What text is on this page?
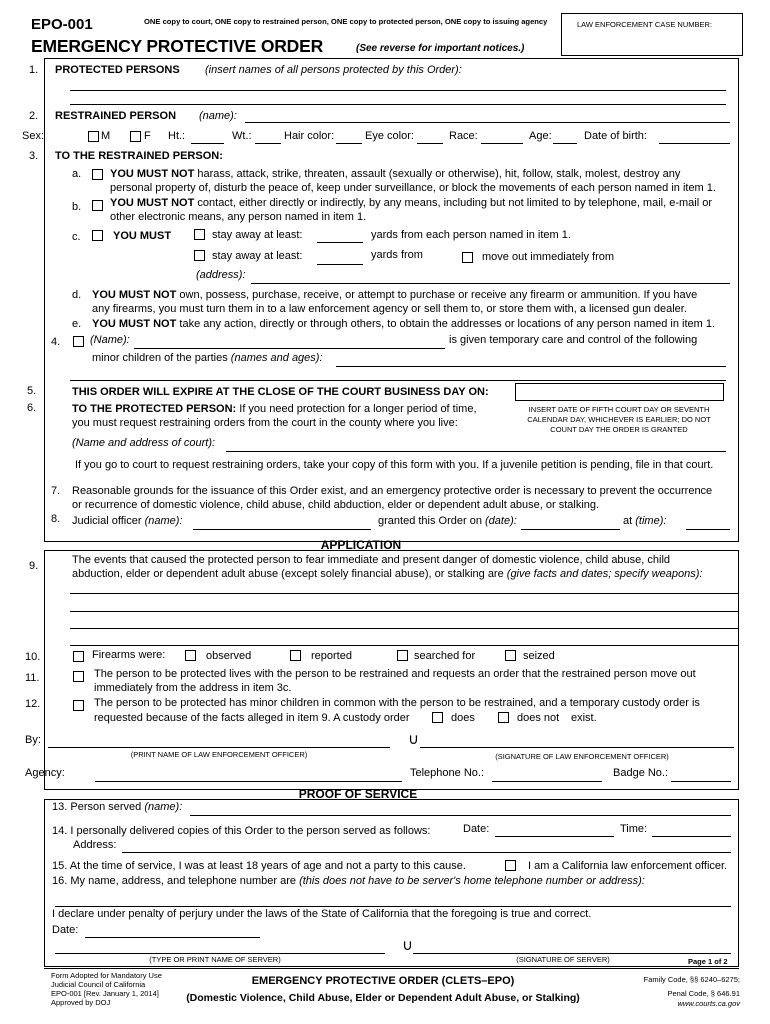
EPO-001	ONE copy to court, ONE copy to restrained person, ONE copy to protected person, ONE copy to issuing agency
EMERGENCY PROTECTIVE ORDER	(See reverse for important notices.)
LAW ENFORCEMENT CASE NUMBER:
1. PROTECTED PERSONS (insert names of all persons protected by this Order):
2. RESTRAINED PERSON (name):
Sex:	M	F Ht.:	Wt.:	Hair color:	Eye color:	Race:	Age:	Date of birth:
3. TO THE RESTRAINED PERSON:
a.	YOU MUST NOT harass, attack, strike, threaten, assault (sexually or otherwise), hit, follow, stalk, molest, destroy any
personal property of, disturb the peace of, keep under surveillance, or block the movements of each person named in item 1.
b.	YOU MUST NOT contact, either directly or indirectly, by any means, including but not limited to by telephone, mail, e-mail or
other electronic means, any person named in item 1.
c.	YOU MUST	stay away at least:	yards from each person named in item 1.
stay away at least:	yards from	move out immediately from
(address):
d. YOU MUST NOT own, possess, purchase, receive, or attempt to purchase or receive any firearm or ammunition. If you have
any firearms, you must turn them in to a law enforcement agency or sell them to, or store them with, a licensed gun dealer.
e. YOU MUST NOT take any action, directly or through others, to obtain the addresses or locations of any person named in item 1.
4.	(Name):	is given temporary care and control of the following
minor children of the parties (names and ages):
5.	THIS ORDER WILL EXPIRE AT THE CLOSE OF THE COURT BUSINESS DAY ON:
6.	TO THE PROTECTED PERSON: If you need protection for a longer period of time,
you must request restraining orders from the court in the county where you live:
INSERT DATE OF FIFTH COURT DAY OR SEVENTH
CALENDAR DAY, WHICHEVER IS EARLIER; DO NOT
COUNT DAY THE ORDER IS GRANTED
(Name and address of court):
If you go to court to request restraining orders, take your copy of this form with you. If a juvenile petition is pending, file in that court.
7. Reasonable grounds for the issuance of this Order exist, and an emergency protective order is necessary to prevent the occurrence
or recurrence of domestic violence, child abuse, child abduction, elder or dependent adult abuse, or stalking.
8. Judicial officer (name):	granted this Order on (date):	at (time):
APPLICATION
9.	The events that caused the protected person to fear immediate and present danger of domestic violence, child abuse, child
abduction, elder or dependent adult abuse (except solely financial abuse), or stalking are (give facts and dates; specify weapons):
10.	Firearms were:	observed	reported	searched for	seized
11.	The person to be protected lives with the person to be restrained and requests an order that the restrained person move out
immediately from the address in item 3c.
12.	The person to be protected has minor children in common with the person to be restrained, and a temporary custody order is
requested because of the facts alleged in item 9. A custody order	does	does not exist.
By:	∪
(PRINT NAME OF LAW ENFORCEMENT OFFICER)	(SIGNATURE OF LAW ENFORCEMENT OFFICER)
Agency:	Telephone No.:	Badge No.:
PROOF OF SERVICE
13. Person served (name):
14. I personally delivered copies of this Order to the person served as follows:	Date:	Time:
Address:
15. At the time of service, I was at least 18 years of age and not a party to this cause.	I am a California law enforcement officer.
16. My name, address, and telephone number are (this does not have to be server's home telephone number or address):
I declare under penalty of perjury under the laws of the State of California that the foregoing is true and correct.
Date:
∪
(TYPE OR PRINT NAME OF SERVER)	(SIGNATURE OF SERVER)	Page 1 of 2
Form Adopted for Mandatory Use
Judicial Council of California
EPO-001 [Rev. January 1, 2014]
Approved by DOJ
EMERGENCY PROTECTIVE ORDER (CLETS–EPO)
(Domestic Violence, Child Abuse, Elder or Dependent Adult Abuse, or Stalking)
Family Code, §§ 6240–6275;
Penal Code, § 646.91
www.courts.ca.gov
